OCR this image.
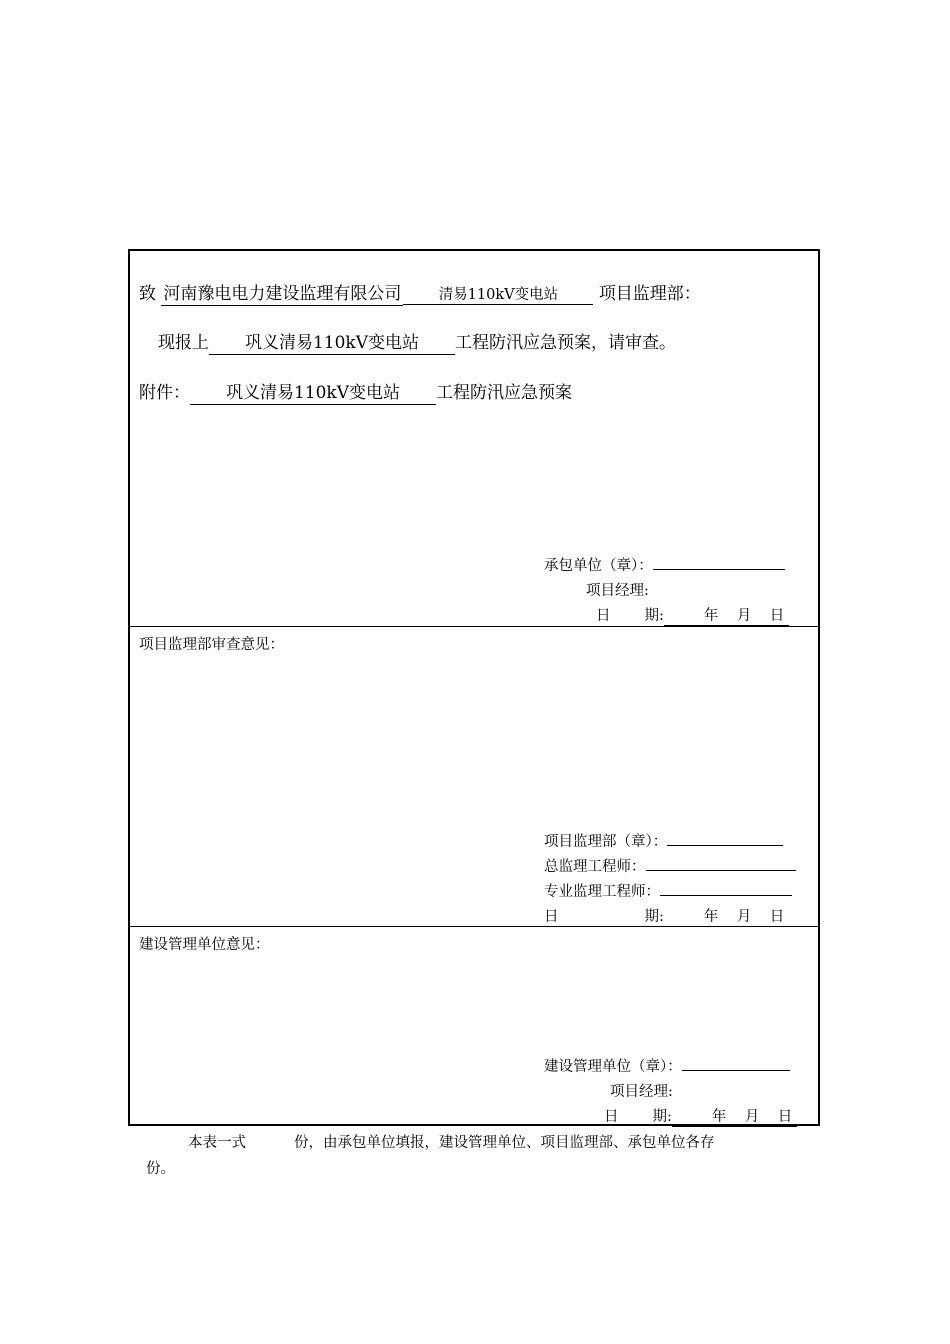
致 河南豫电电力建设监理有限公司	清易110kV变电站 项目监理部：
现报上 巩义清易110kV变电站 工程防汛应急预案，请审查。
附件： 巩义清易110kV变电站 工程防汛应急预案
承包单位（章）：
项目经理:
日 期:	年 月 日
项目监理部审查意见：
项目监理部（章）：
总监理工程师：
专业监理工程师：
日	期:	年 月 日
建设管理单位意见：
建设管理单位（章）：
项目经理:
日 期:	年 月 日
本表一式	份，由承包单位填报，建设管理单位、项目监理部、承包单位各存
份。
